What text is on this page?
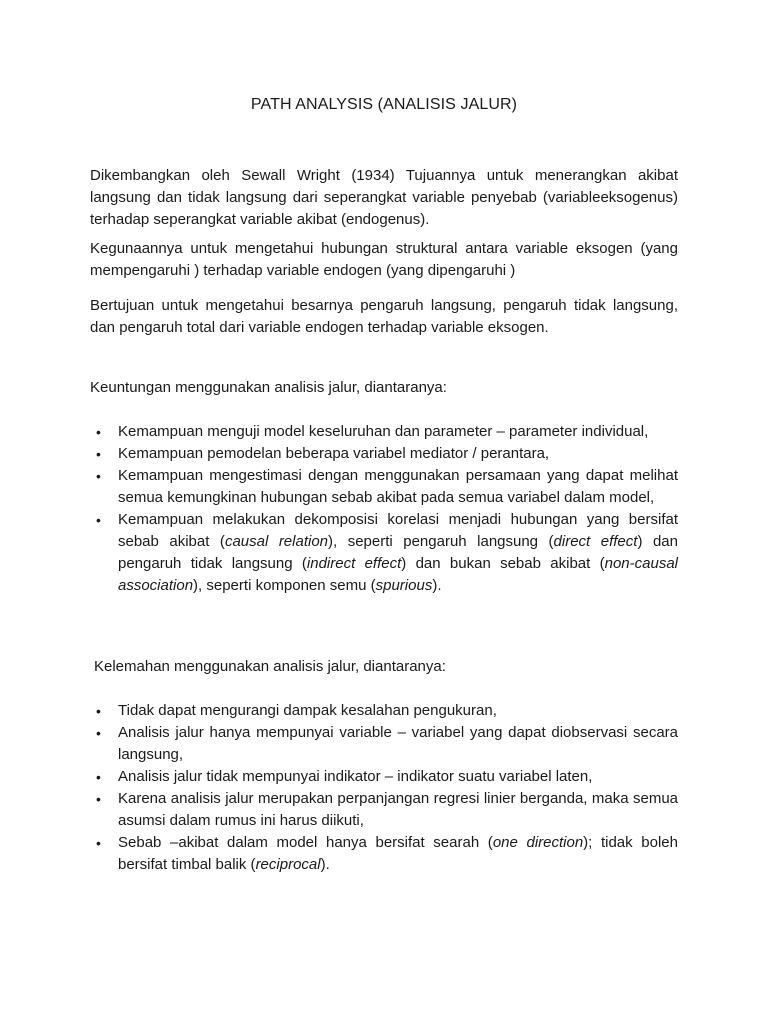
PATH ANALYSIS (ANALISIS JALUR)

Dikembangkan oleh Sewall Wright (1934) Tujuannya untuk menerangkan akibat langsung dan tidak langsung dari seperangkat variable penyebab (variableeksogenus) terhadap seperangkat variable akibat (endogenus).

Kegunaannya untuk mengetahui hubungan struktural antara variable eksogen (yang mempengaruhi ) terhadap variable endogen (yang dipengaruhi )

Bertujuan untuk mengetahui besarnya pengaruh langsung, pengaruh tidak langsung, dan pengaruh total dari variable endogen terhadap variable eksogen.

Keuntungan menggunakan analisis jalur, diantaranya:
• Kemampuan menguji model keseluruhan dan parameter – parameter individual,
• Kemampuan pemodelan beberapa variabel mediator / perantara,
• Kemampuan mengestimasi dengan menggunakan persamaan yang dapat melihat semua kemungkinan hubungan sebab akibat pada semua variabel dalam model,
• Kemampuan melakukan dekomposisi korelasi menjadi hubungan yang bersifat sebab akibat (causal relation), seperti pengaruh langsung (direct effect) dan pengaruh tidak langsung (indirect effect) dan bukan sebab akibat (non-causal association), seperti komponen semu (spurious).
Kelemahan menggunakan analisis jalur, diantaranya:
• Tidak dapat mengurangi dampak kesalahan pengukuran,
• Analisis jalur hanya mempunyai variable – variabel yang dapat diobservasi secara langsung,
• Analisis jalur tidak mempunyai indikator – indikator suatu variabel laten,
• Karena analisis jalur merupakan perpanjangan regresi linier berganda, maka semua asumsi dalam rumus ini harus diikuti,
• Sebab –akibat dalam model hanya bersifat searah (one direction); tidak boleh bersifat timbal balik (reciprocal).
